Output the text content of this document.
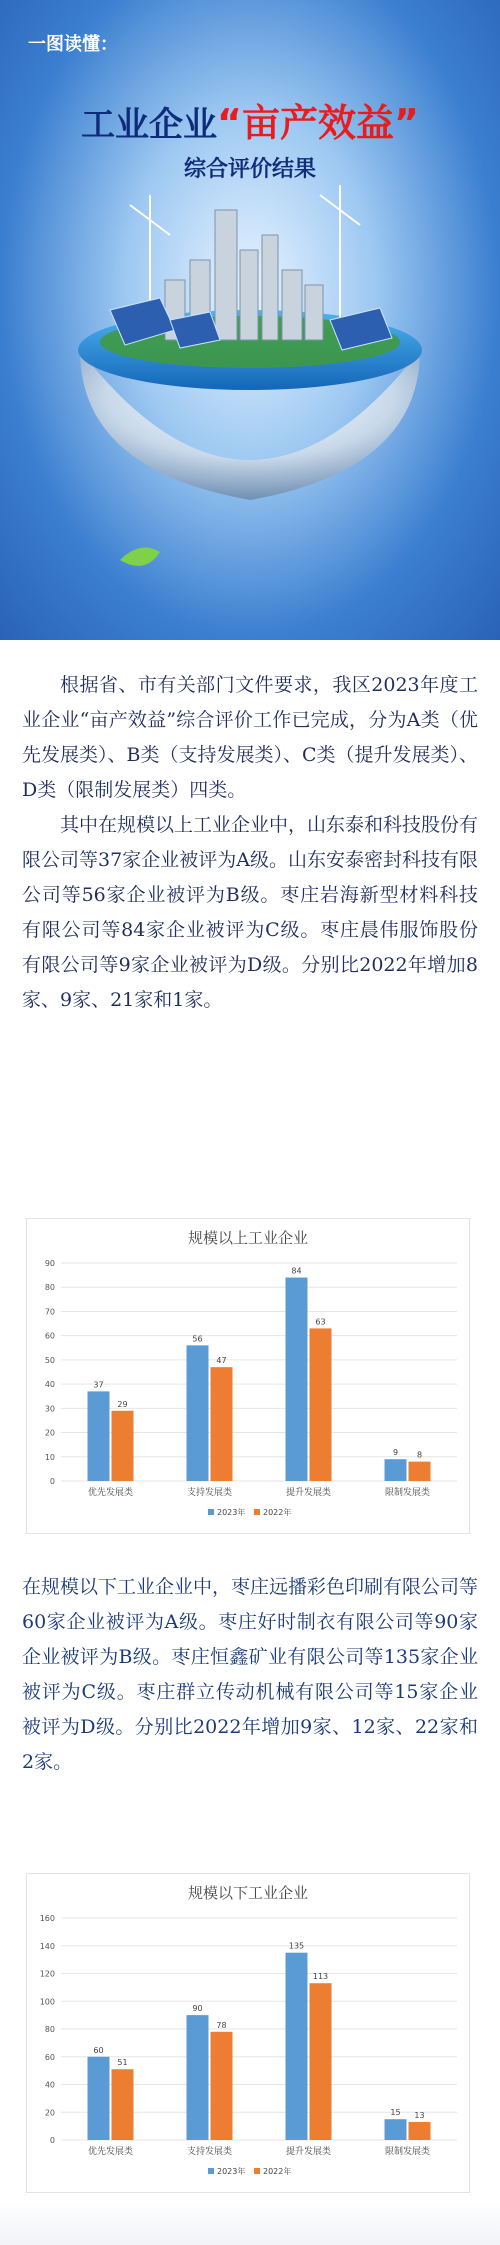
一图读懂：
工业企业“亩产效益”
综合评价结果

根据省、市有关部门文件要求，我区2023年度工业企业“亩产效益”综合评价工作已完成，分为A类（优先发展类）、B类（支持发展类）、C类（提升发展类）、D类（限制发展类）四类。

其中在规模以上工业企业中，山东泰和科技股份有限公司等37家企业被评为A级。山东安泰密封科技有限公司等56家企业被评为B级。枣庄岩海新型材料科技有限公司等84家企业被评为C级。枣庄晨伟服饰股份有限公司等9家企业被评为D级。分别比2022年增加8家、9家、21家和1家。

规模以上工业企业
0
10
20
30
40
50
60
70
80
90
37
29
优先发展类
56
47
支持发展类
84
63
提升发展类
9 8
限制发展类
2023年 2022年

在规模以下工业企业中，枣庄远播彩色印刷有限公司等60家企业被评为A级。枣庄好时制衣有限公司等90家企业被评为B级。枣庄恒鑫矿业有限公司等135家企业被评为C级。枣庄群立传动机械有限公司等15家企业被评为D级。分别比2022年增加9家、12家、22家和2家。

规模以下工业企业
0
20
40
60
80
100
120
140
160
60
51
优先发展类
90
78
支持发展类
135
113
提升发展类
15 13
限制发展类
2023年 2022年
